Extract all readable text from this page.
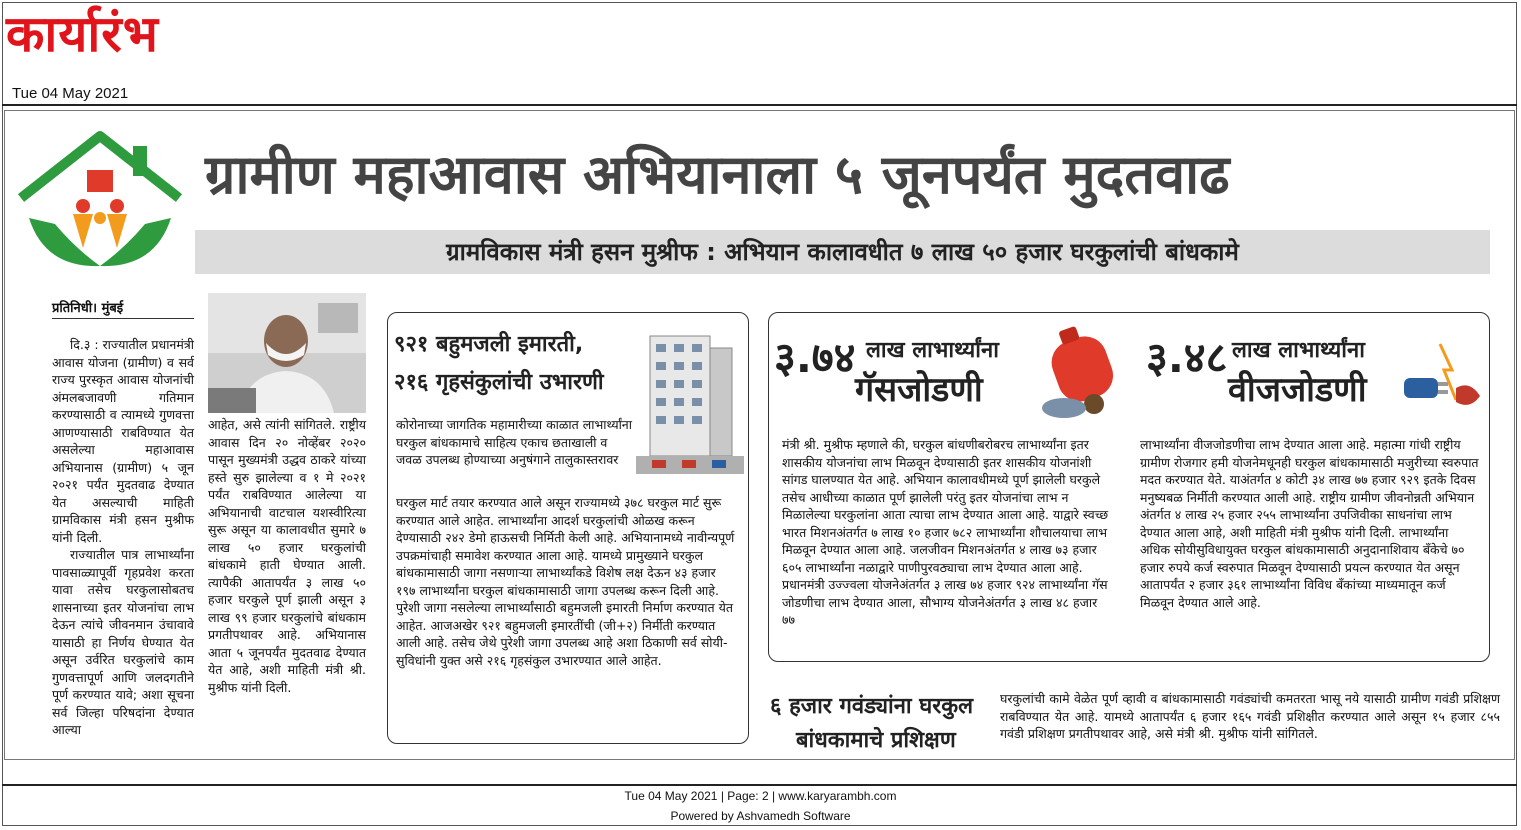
कार्यारंभ
Tue 04 May 2021
ग्रामीण महाआवास अभियानाला ५ जूनपर्यंत मुदतवाढ
ग्रामविकास मंत्री हसन मुश्रीफ : अभियान कालावधीत ७ लाख ५० हजार घरकुलांची बांधकामे
प्रतिनिधी। मुंबई

दि.३ : राज्यातील प्रधानमंत्री आवास योजना (ग्रामीण) व सर्व राज्य पुरस्कृत आवास योजनांची अंमलबजावणी गतिमान करण्यासाठी व त्यामध्ये गुणवत्ता आणण्यासाठी राबविण्यात येत असलेल्या महाआवास अभियानास (ग्रामीण) ५ जून २०२१ पर्यंत मुदतवाढ देण्यात येत असल्याची माहिती ग्रामविकास मंत्री हसन मुश्रीफ यांनी दिली.

राज्यातील पात्र लाभार्थ्यांना पावसाळ्यापूर्वी गृहप्रवेश करता यावा तसेच घरकुलासोबतच शासनाच्या इतर योजनांचा लाभ देऊन त्यांचे जीवनमान उंचावावे यासाठी हा निर्णय घेण्यात येत असून उर्वरित घरकुलांचे काम गुणवत्तापूर्ण आणि जलदगतीने पूर्ण करण्यात यावे; अशा सूचना सर्व जिल्हा परिषदांना देण्यात आल्या

आहेत, असे त्यांनी सांगितले. राष्ट्रीय आवास दिन २० नोव्हेंबर २०२० पासून मुख्यमंत्री उद्धव ठाकरे यांच्या हस्ते सुरु झालेल्या व १ मे २०२१ पर्यंत राबविण्यात आलेल्या या अभियानाची वाटचाल यशस्वीरित्या सुरू असून या कालावधीत सुमारे ७ लाख ५० हजार घरकुलांची बांधकामे हाती घेण्यात आली. त्यापैकी आतापर्यंत ३ लाख ५० हजार घरकुले पूर्ण झाली असून ३ लाख ९९ हजार घरकुलांचे बांधकाम प्रगतीपथावर आहे. अभियानास आता ५ जूनपर्यंत मुदतवाढ देण्यात येत आहे, अशी माहिती मंत्री श्री. मुश्रीफ यांनी दिली.
९२१ बहुमजली इमारती,
२१६ गृहसंकुलांची उभारणी
कोरोनाच्या जागतिक महामारीच्या काळात लाभार्थ्यांना घरकुल बांधकामाचे साहित्य एकाच छताखाली व जवळ उपलब्ध होण्याच्या अनुषंगाने तालुकास्तरावर
घरकुल मार्ट तयार करण्यात आले असून राज्यामध्ये ३७८ घरकुल मार्ट सुरू करण्यात आले आहेत. लाभार्थ्यांना आदर्श घरकुलांची ओळख करून देण्यासाठी २४२ डेमो हाऊसची निर्मिती केली आहे. अभियानामध्ये नावीन्यपूर्ण उपक्रमांचाही समावेश करण्यात आला आहे. यामध्ये प्रामुख्याने घरकुल बांधकामासाठी जागा नसणाऱ्या लाभार्थ्यांकडे विशेष लक्ष देऊन ४३ हजार १९७ लाभार्थ्यांना घरकुल बांधकामासाठी जागा उपलब्ध करून दिली आहे. पुरेशी जागा नसलेल्या लाभार्थ्यांसाठी बहुमजली इमारती निर्माण करण्यात येत आहेत. आजअखेर ९२१ बहुमजली इमारतींची (जी+२) निर्मीती करण्यात आली आहे. तसेच जेथे पुरेशी जागा उपलब्ध आहे अशा ठिकाणी सर्व सोयी-सुविधांनी युक्त असे २१६ गृहसंकुल उभारण्यात आले आहेत.
३.७४ लाख लाभार्थ्यांना
गॅसजोडणी
३.४८ लाख लाभार्थ्यांना
वीजजोडणी
मंत्री श्री. मुश्रीफ म्हणाले की, घरकुल बांधणीबरोबरच लाभार्थ्यांना इतर शासकीय योजनांचा लाभ मिळवून देण्यासाठी इतर शासकीय योजनांशी सांगड घालण्यात येत आहे. अभियान कालावधीमध्ये पूर्ण झालेली घरकुले तसेच आधीच्या काळात पूर्ण झालेली परंतु इतर योजनांचा लाभ न मिळालेल्या घरकुलांना आता त्याचा लाभ देण्यात आला आहे. याद्वारे स्वच्छ भारत मिशनअंतर्गत ७ लाख १० हजार ७८२ लाभार्थ्यांना शौचालयाचा लाभ मिळवून देण्यात आला आहे. जलजीवन मिशनअंतर्गत ४ लाख ७३ हजार ६०५ लाभार्थ्यांना नळाद्वारे पाणीपुरवठ्याचा लाभ देण्यात आला आहे. प्रधानमंत्री उज्ज्वला योजनेअंतर्गत ३ लाख ७४ हजार ९२४ लाभार्थ्यांना गॅस जोडणीचा लाभ देण्यात आला, सौभाग्य योजनेअंतर्गत ३ लाख ४८ हजार ७७
लाभार्थ्यांना वीजजोडणीचा लाभ देण्यात आला आहे. महात्मा गांधी राष्ट्रीय ग्रामीण रोजगार हमी योजनेमधूनही घरकुल बांधकामासाठी मजुरीच्या स्वरुपात मदत करण्यात येते. याअंतर्गत ४ कोटी ३४ लाख ७७ हजार ९२९ इतके दिवस मनुष्यबळ निर्मीती करण्यात आली आहे. राष्ट्रीय ग्रामीण जीवनोन्नती अभियान अंतर्गत ४ लाख २५ हजार २५५ लाभार्थ्यांना उपजिवीका साधनांचा लाभ देण्यात आला आहे, अशी माहिती मंत्री मुश्रीफ यांनी दिली. लाभार्थ्यांना अधिक सोयीसुविधायुक्त घरकुल बांधकामासाठी अनुदानाशिवाय बँकेचे ७० हजार रुपये कर्ज स्वरुपात मिळवून देण्यासाठी प्रयत्न करण्यात येत असून आतापर्यंत २ हजार ३६१ लाभार्थ्यांना विविध बँकांच्या माध्यमातून कर्ज मिळवून देण्यात आले आहे.
६ हजार गवंड्यांना घरकुल
बांधकामाचे प्रशिक्षण
घरकुलांची कामे वेळेत पूर्ण व्हावी व बांधकामासाठी गवंड्यांची कमतरता भासू नये यासाठी ग्रामीण गवंडी प्रशिक्षण राबविण्यात येत आहे. यामध्ये आतापर्यंत ६ हजार १६५ गवंडी प्रशिक्षीत करण्यात आले असून १५ हजार ८५५ गवंडी प्रशिक्षण प्रगतीपथावर आहे, असे मंत्री श्री. मुश्रीफ यांनी सांगितले.
Tue 04 May 2021 | Page: 2 | www.karyarambh.com
Powered by Ashvamedh Software
